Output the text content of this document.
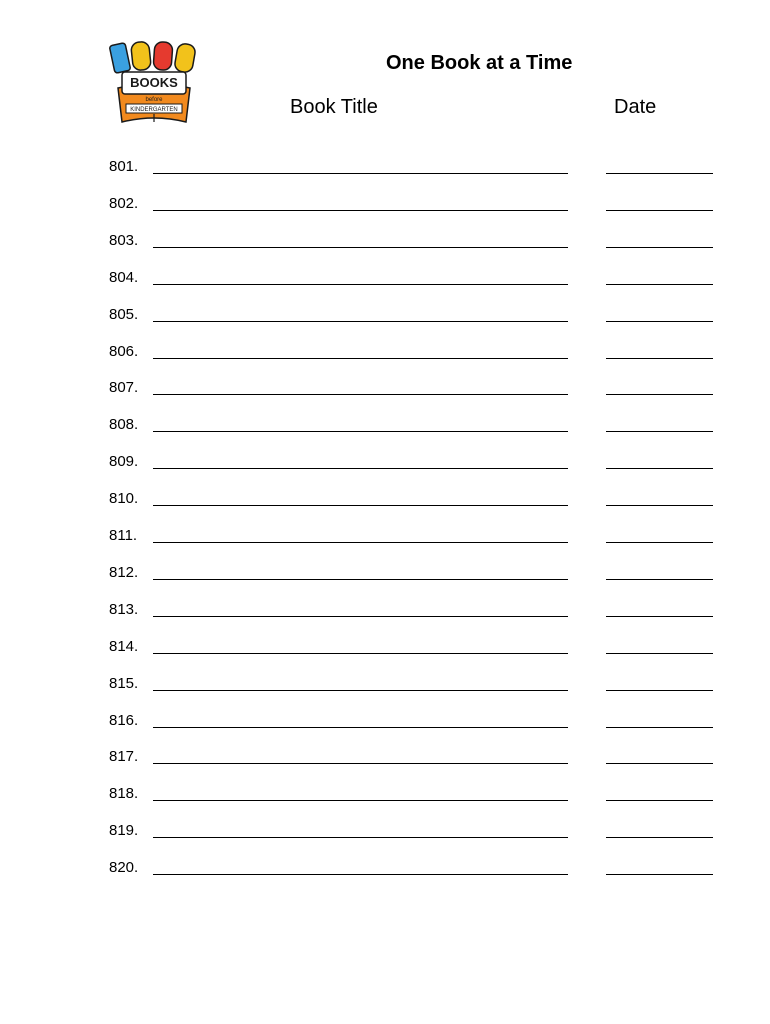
BOOKS
before
KINDERGARTEN
One Book at a Time
Book Title	Date
801.
802.
803.
804.
805.
806.
807.
808.
809.
810.
811.
812.
813.
814.
815.
816.
817.
818.
819.
820.
